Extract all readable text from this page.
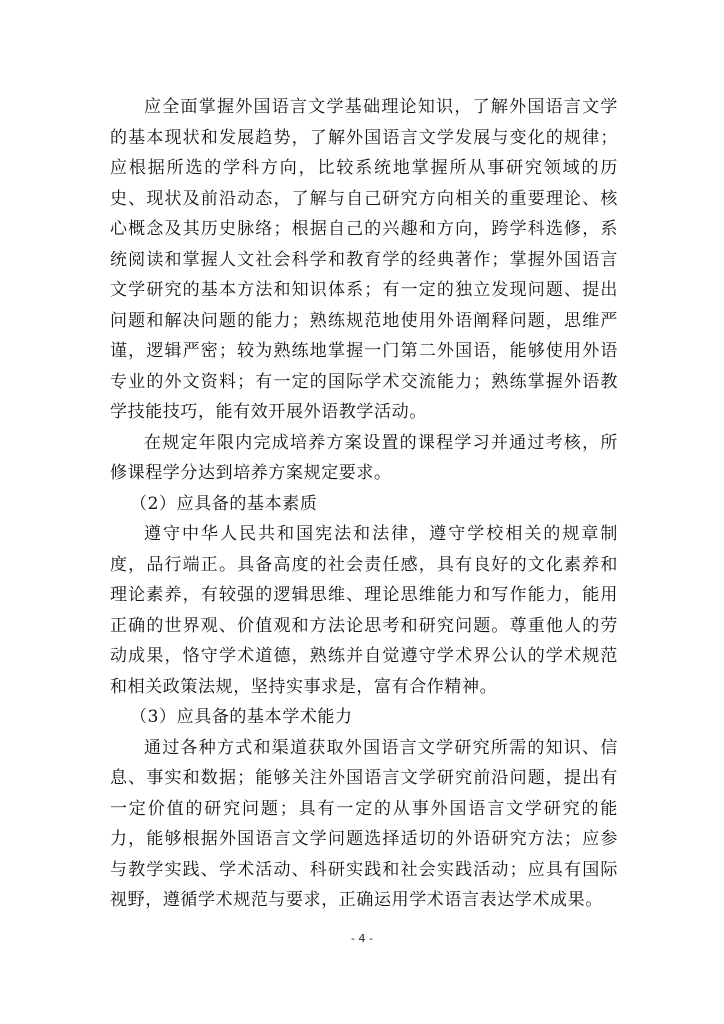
应全面掌握外国语言文学基础理论知识，了解外国语言文学的基本现状和发展趋势，了解外国语言文学发展与变化的规律；应根据所选的学科方向，比较系统地掌握所从事研究领域的历史、现状及前沿动态，了解与自己研究方向相关的重要理论、核心概念及其历史脉络；根据自己的兴趣和方向，跨学科选修，系统阅读和掌握人文社会科学和教育学的经典著作；掌握外国语言文学研究的基本方法和知识体系；有一定的独立发现问题、提出问题和解决问题的能力；熟练规范地使用外语阐释问题，思维严谨，逻辑严密；较为熟练地掌握一门第二外国语，能够使用外语专业的外文资料；有一定的国际学术交流能力；熟练掌握外语教学技能技巧，能有效开展外语教学活动。

在规定年限内完成培养方案设置的课程学习并通过考核，所修课程学分达到培养方案规定要求。

（2）应具备的基本素质

遵守中华人民共和国宪法和法律，遵守学校相关的规章制度，品行端正。具备高度的社会责任感，具有良好的文化素养和理论素养，有较强的逻辑思维、理论思维能力和写作能力，能用正确的世界观、价值观和方法论思考和研究问题。尊重他人的劳动成果，恪守学术道德，熟练并自觉遵守学术界公认的学术规范和相关政策法规，坚持实事求是，富有合作精神。

（3）应具备的基本学术能力

通过各种方式和渠道获取外国语言文学研究所需的知识、信息、事实和数据；能够关注外国语言文学研究前沿问题，提出有一定价值的研究问题；具有一定的从事外国语言文学研究的能力，能够根据外国语言文学问题选择适切的外语研究方法；应参与教学实践、学术活动、科研实践和社会实践活动；应具有国际视野，遵循学术规范与要求，正确运用学术语言表达学术成果。

- 4 -
